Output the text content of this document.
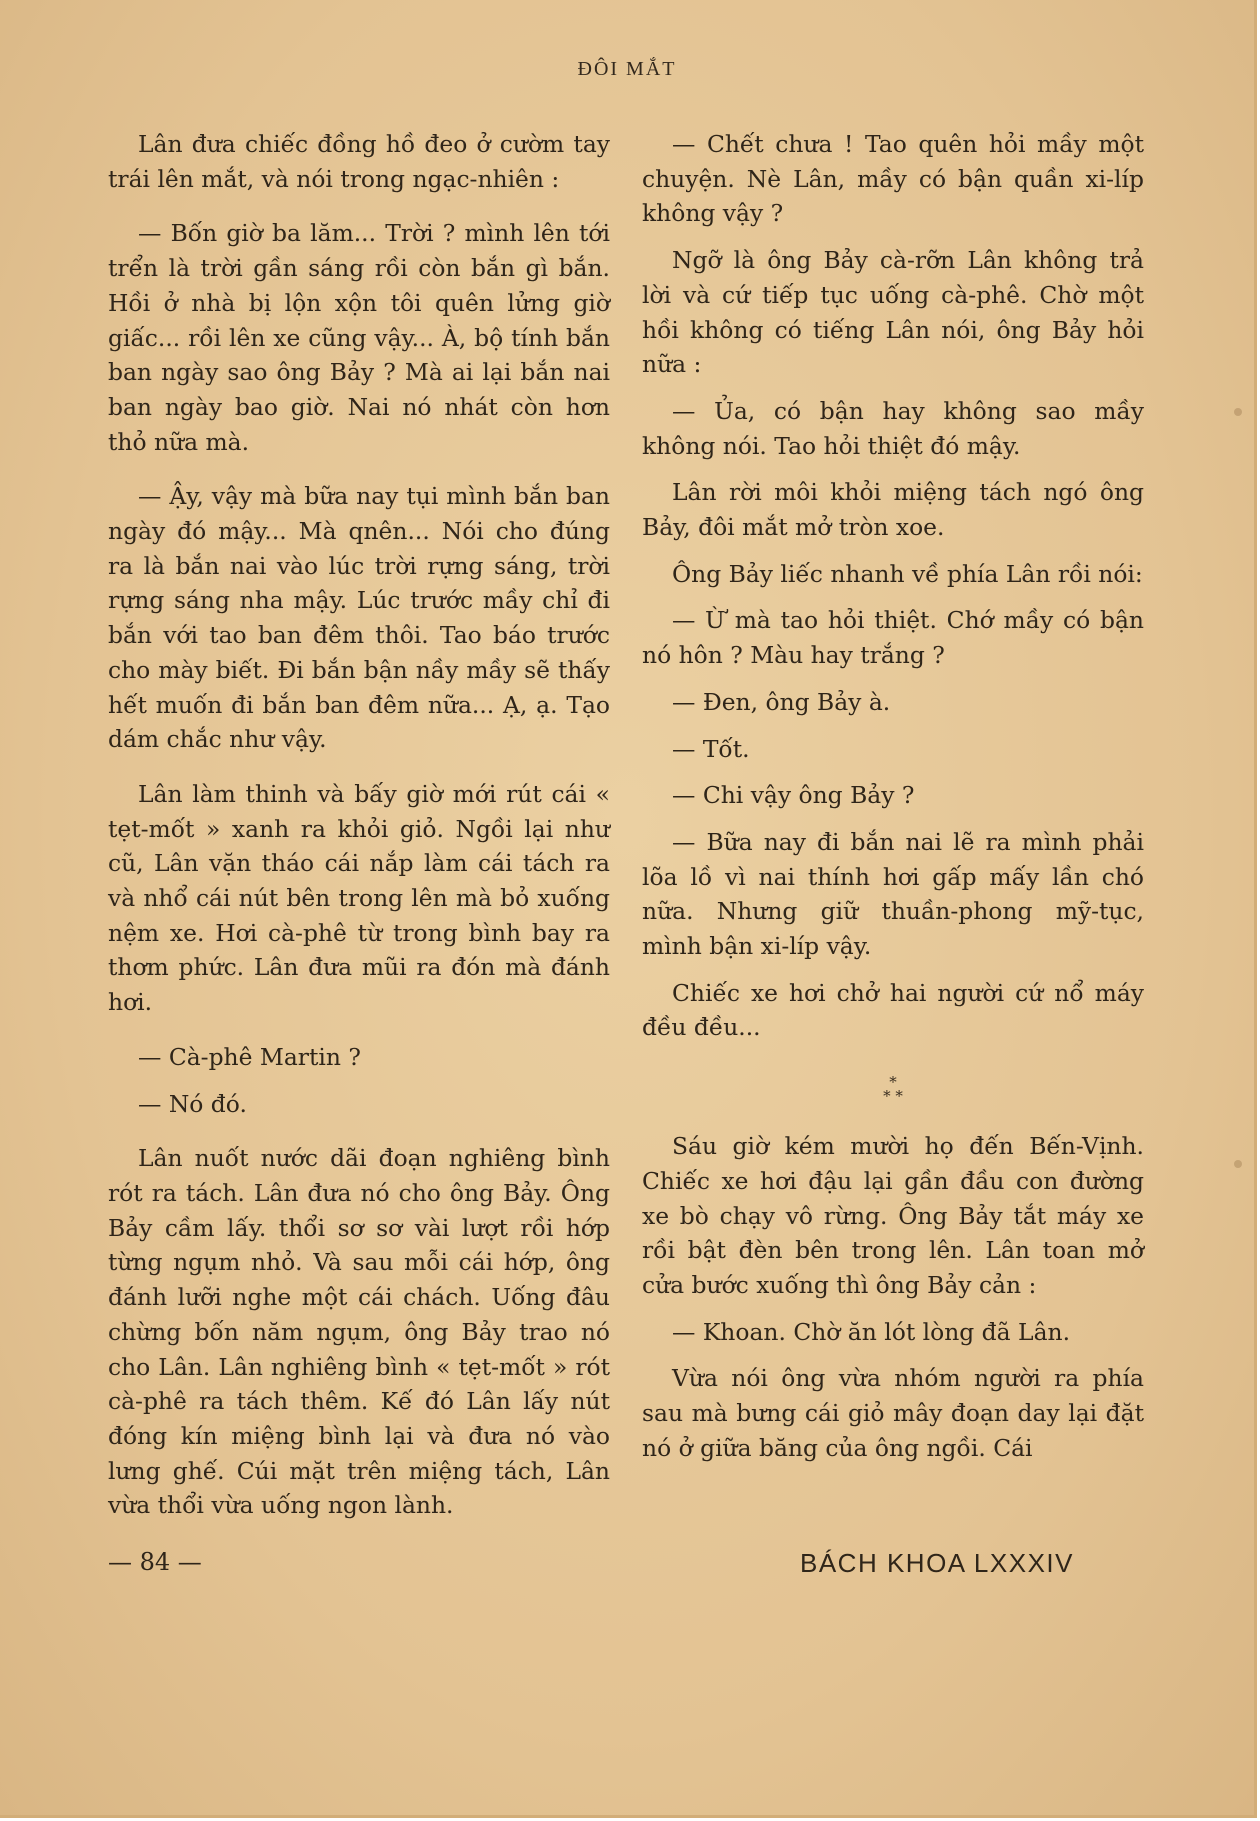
ĐÔI MẮT

Lân đưa chiếc đồng hồ đeo ở cườm tay trái lên mắt, và nói trong ngạc-nhiên :

— Bốn giờ ba lăm... Trời ? mình lên tới trển là trời gần sáng rồi còn bắn gì bắn. Hồi ở nhà bị lộn xộn tôi quên lửng giờ giấc... rồi lên xe cũng vậy... À, bộ tính bắn ban ngày sao ông Bảy ? Mà ai lại bắn nai ban ngày bao giờ. Nai nó nhát còn hơn thỏ nữa mà.

— Ậy, vậy mà bữa nay tụi mình bắn ban ngày đó mậy... Mà qnên... Nói cho đúng ra là bắn nai vào lúc trời rựng sáng, trời rựng sáng nha mậy. Lúc trước mầy chỉ đi bắn với tao ban đêm thôi. Tao báo trước cho mày biết. Đi bắn bận nầy mầy sẽ thấy hết muốn đi bắn ban đêm nữa... Ạ, ạ. Tạo dám chắc như vậy.

Lân làm thinh và bấy giờ mới rút cái « tẹt-mốt » xanh ra khỏi giỏ. Ngồi lại như cũ, Lân vặn tháo cái nắp làm cái tách ra và nhổ cái nút bên trong lên mà bỏ xuống nệm xe. Hơi cà-phê từ trong bình bay ra thơm phức. Lân đưa mũi ra đón mà đánh hơi.

— Cà-phê Martin ?

— Nó đó.

Lân nuốt nước dãi đoạn nghiêng bình rót ra tách. Lân đưa nó cho ông Bảy. Ông Bảy cầm lấy. thổi sơ sơ vài lượt rồi hớp từng ngụm nhỏ. Và sau mỗi cái hớp, ông đánh lưỡi nghe một cái chách. Uống đâu chừng bốn năm ngụm, ông Bảy trao nó cho Lân. Lân nghiêng bình « tẹt-mốt » rót cà-phê ra tách thêm. Kế đó Lân lấy nút đóng kín miệng bình lại và đưa nó vào lưng ghế. Cúi mặt trên miệng tách, Lân vừa thổi vừa uống ngon lành.

— Chết chưa ! Tao quên hỏi mầy một chuyện. Nè Lân, mầy có bận quần xi-líp không vậy ?

Ngỡ là ông Bảy cà-rỡn Lân không trả lời và cứ tiếp tục uống cà-phê. Chờ một hồi không có tiếng Lân nói, ông Bảy hỏi nữa :

— Ủa, có bận hay không sao mầy không nói. Tao hỏi thiệt đó mậy.

Lân rời môi khỏi miệng tách ngó ông Bảy, đôi mắt mở tròn xoe.

Ông Bảy liếc nhanh về phía Lân rồi nói:

— Ừ mà tao hỏi thiệt. Chớ mầy có bận nó hôn ? Màu hay trắng ?

— Đen, ông Bảy à.

— Tốt.

— Chi vậy ông Bảy ?

— Bữa nay đi bắn nai lẽ ra mình phải lõa lồ vì nai thính hơi gấp mấy lần chó nữa. Nhưng giữ thuần-phong mỹ-tục, mình bận xi-líp vậy.

Chiếc xe hơi chở hai người cứ nổ máy đều đều...

*
* *

Sáu giờ kém mười họ đến Bến-Vịnh. Chiếc xe hơi đậu lại gần đầu con đường xe bò chạy vô rừng. Ông Bảy tắt máy xe rồi bật đèn bên trong lên. Lân toan mở cửa bước xuống thì ông Bảy cản :

— Khoan. Chờ ăn lót lòng đã Lân.

Vừa nói ông vừa nhóm người ra phía sau mà bưng cái giỏ mây đoạn day lại đặt nó ở giữa băng của ông ngồi. Cái

— 84 —	BÁCH KHOA LXXXIV
